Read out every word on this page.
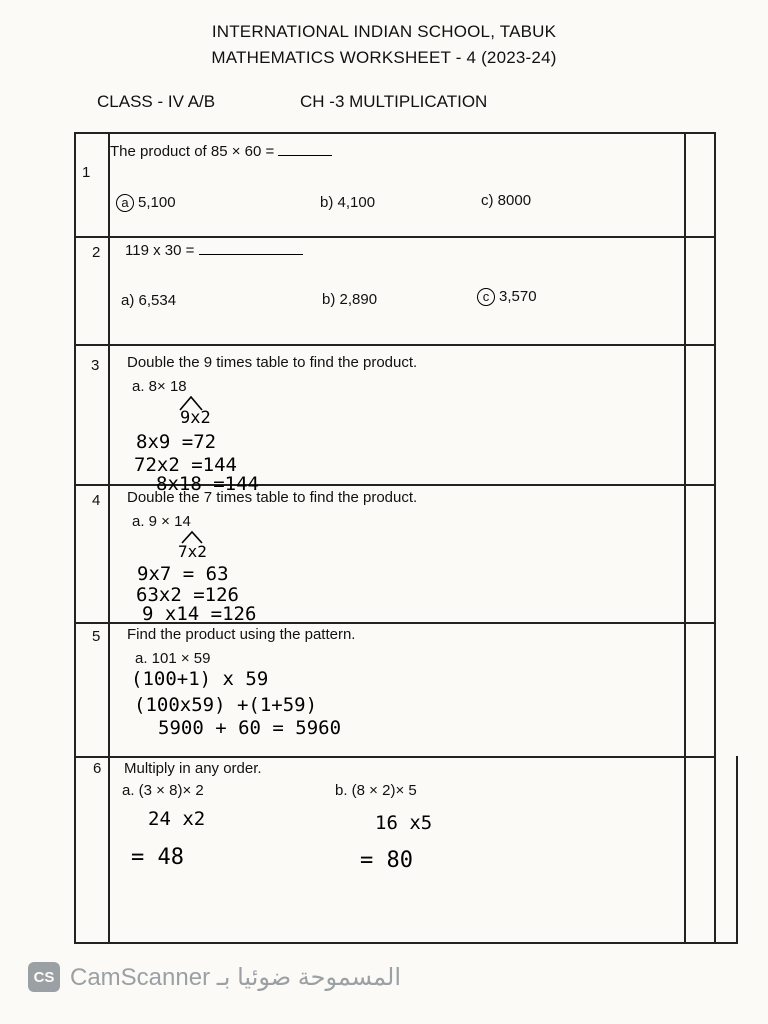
INTERNATIONAL INDIAN SCHOOL, TABUK
MATHEMATICS WORKSHEET - 4 (2023-24)
CLASS - IV A/B	CH -3 MULTIPLICATION
1
The product of 85 × 60 =
a 5,100	b) 4,100	c) 8000
2 119 x 30 =
a) 6,534	b) 2,890	c 3,570
3 Double the 9 times table to find the product.
a. 8× 18
9x2
8x9 =72
72x2 =144
8x18 =144
4 Double the 7 times table to find the product.
a. 9 × 14
7x2
9x7 = 63
63x2 =126
9 x14 =126
5 Find the product using the pattern.
a. 101 × 59
(100+1) x 59
(100x59) +(1+59)
5900 + 60 = 5960
6 Multiply in any order.
a. (3 × 8)× 2	b. (8 × 2)× 5
24 x2
= 48
16 x5
= 80
CS CamScanner المسموحة ضوئيا بـ
